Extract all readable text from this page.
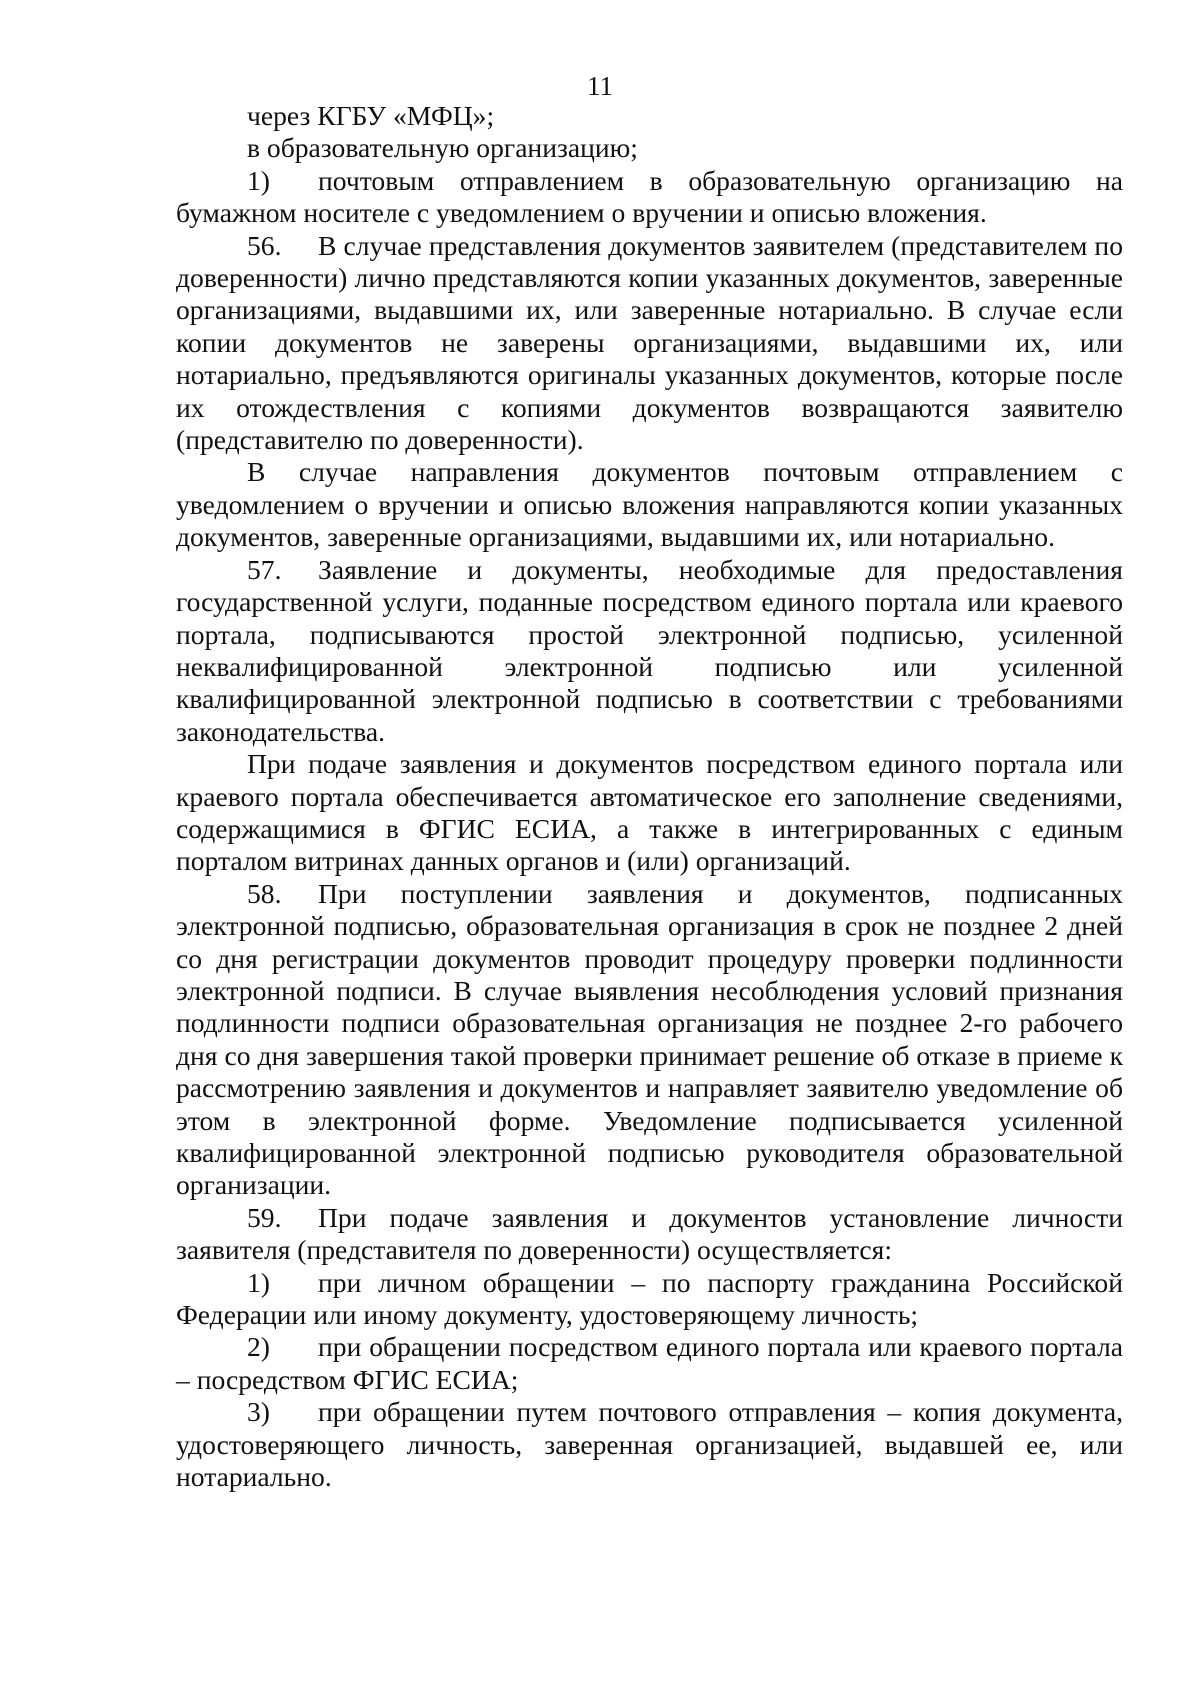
11

через КГБУ «МФЦ»;

в образовательную организацию;

1) почтовым отправлением в образовательную организацию на бумажном носителе с уведомлением о вручении и описью вложения.

56. В случае представления документов заявителем (представителем по доверенности) лично представляются копии указанных документов, заверенные организациями, выдавшими их, или заверенные нотариально. В случае если копии документов не заверены организациями, выдавшими их, или нотариально, предъявляются оригиналы указанных документов, которые после их отождествления с копиями документов возвращаются заявителю (представителю по доверенности).

В случае направления документов почтовым отправлением с уведомлением о вручении и описью вложения направляются копии указанных документов, заверенные организациями, выдавшими их, или нотариально.

57. Заявление и документы, необходимые для предоставления государственной услуги, поданные посредством единого портала или краевого портала, подписываются простой электронной подписью, усиленной неквалифицированной электронной подписью или усиленной квалифицированной электронной подписью в соответствии с требованиями законодательства.

При подаче заявления и документов посредством единого портала или краевого портала обеспечивается автоматическое его заполнение сведениями, содержащимися в ФГИС ЕСИА, а также в интегрированных с единым порталом витринах данных органов и (или) организаций.

58. При поступлении заявления и документов, подписанных электронной подписью, образовательная организация в срок не позднее 2 дней со дня регистрации документов проводит процедуру проверки подлинности электронной подписи. В случае выявления несоблюдения условий признания подлинности подписи образовательная организация не позднее 2-го рабочего дня со дня завершения такой проверки принимает решение об отказе в приеме к рассмотрению заявления и документов и направляет заявителю уведомление об этом в электронной форме. Уведомление подписывается усиленной квалифицированной электронной подписью руководителя образовательной организации.

59. При подаче заявления и документов установление личности заявителя (представителя по доверенности) осуществляется:

1) при личном обращении – по паспорту гражданина Российской Федерации или иному документу, удостоверяющему личность;

2) при обращении посредством единого портала или краевого портала – посредством ФГИС ЕСИА;

3) при обращении путем почтового отправления – копия документа, удостоверяющего личность, заверенная организацией, выдавшей ее, или нотариально.
